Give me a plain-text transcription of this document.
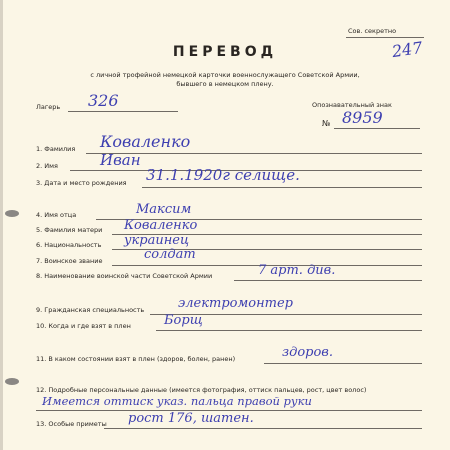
Сов. секретно
247
ПЕРЕВОД
с личной трофейной немецкой карточки военнослужащего Советской Армии,
бывшего в немецком плену.
Лагерь 326	Опознавательный знак
№ 8959
1. Фамилия Коваленко
2. Имя	Иван
3. Дата и место рождения 31.1.1920г селище.
4. Имя отца	Максим
5. Фамилия матери Коваленко
6. Национальность украинец
7. Воинское звание	солдат
8. Наименование воинской части Советской Армии	7 арт. див.
9. Гражданская специальность	электромонтер
10. Когда и где взят в плен	Борщ
11. В каком состоянии взят в плен (здоров, болен, ранен)	здоров.
12. Подробные персональные данные (имеется фотография, оттиск пальцев, рост, цвет волос)
Имеется оттиск указ. пальца правой руки
13. Особые приметы рост 176, шатен.
